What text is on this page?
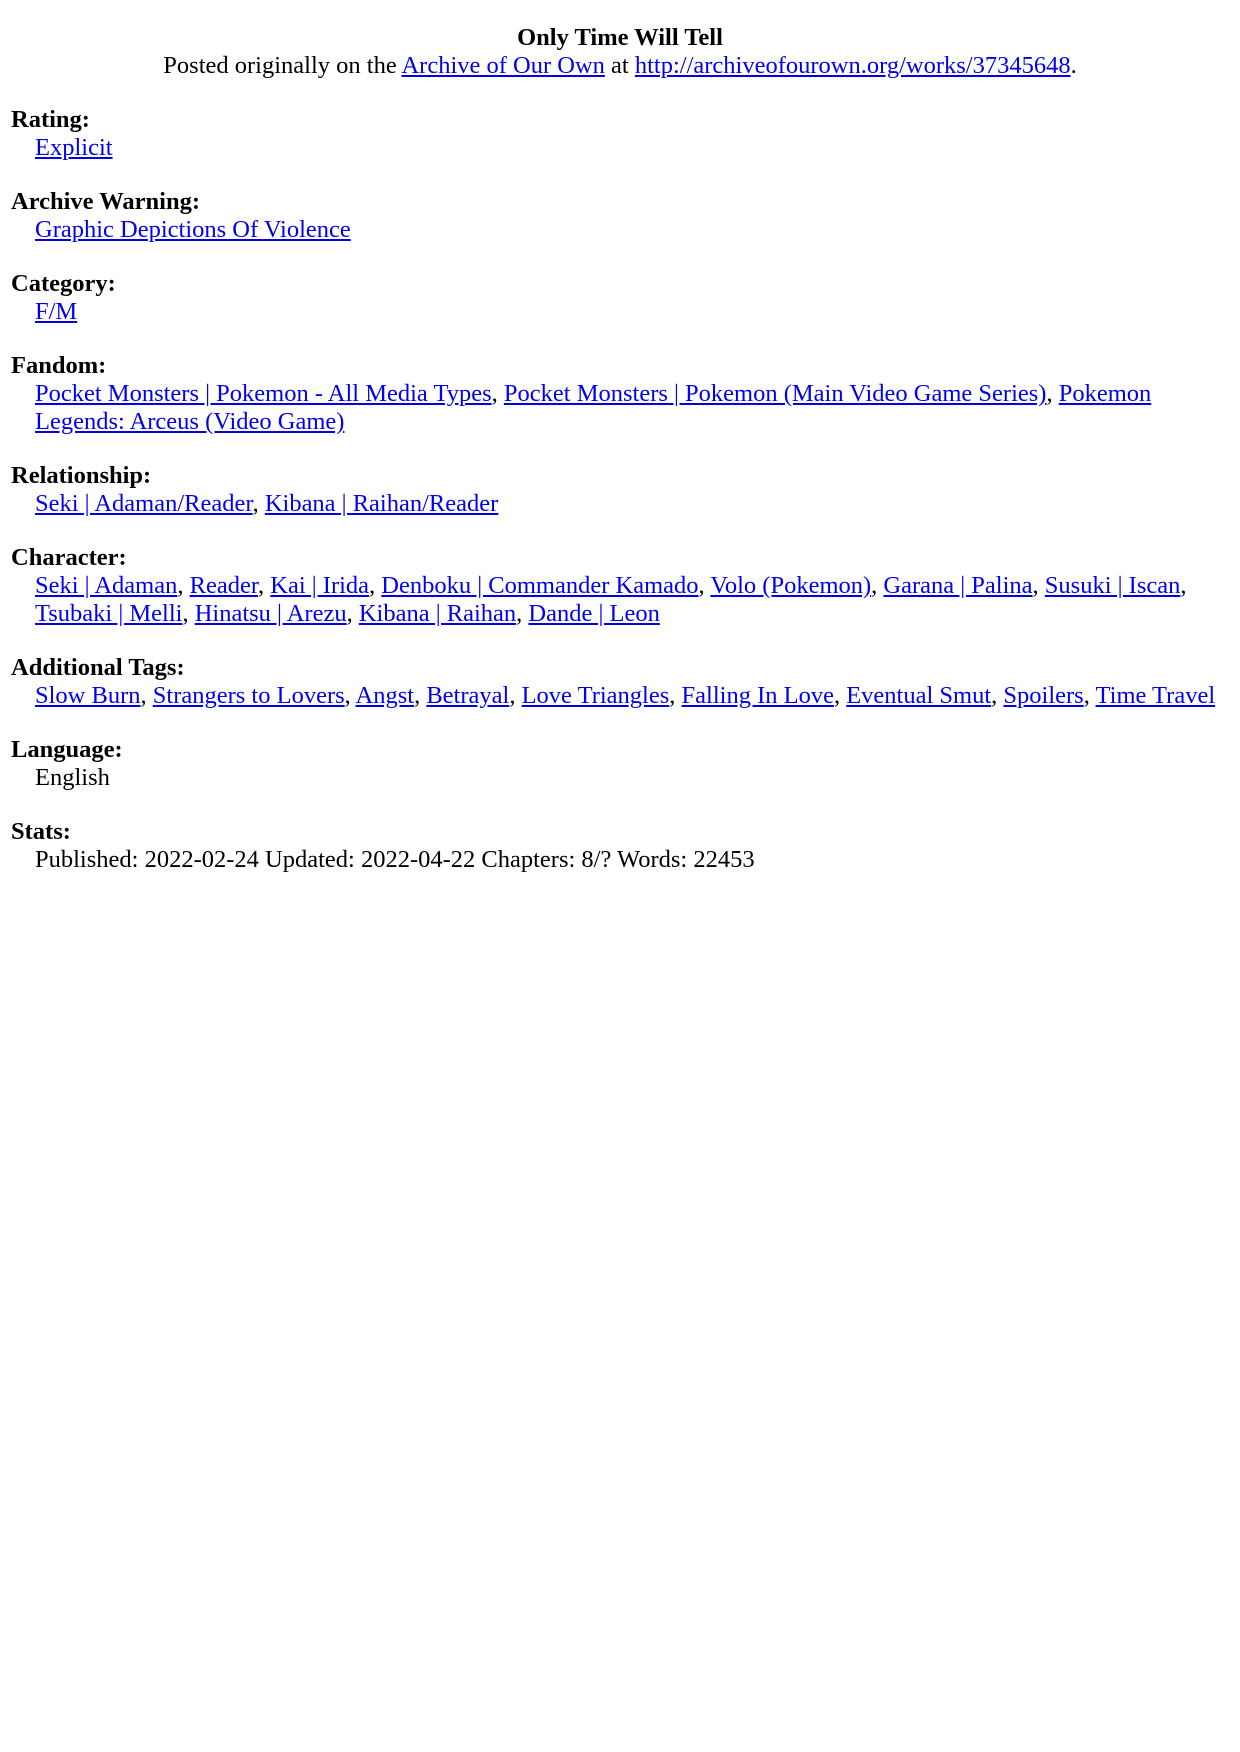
Only Time Will Tell

Posted originally on the Archive of Our Own at http://archiveofourown.org/works/37345648.

Rating:

Explicit

Archive Warning:

Graphic Depictions Of Violence

Category:

F/M

Fandom:

Pocket Monsters | Pokemon - All Media Types, Pocket Monsters | Pokemon (Main Video Game Series), Pokemon Legends: Arceus (Video Game)

Relationship:

Seki | Adaman/Reader, Kibana | Raihan/Reader

Character:

Seki | Adaman, Reader, Kai | Irida, Denboku | Commander Kamado, Volo (Pokemon), Garana | Palina, Susuki | Iscan, Tsubaki | Melli, Hinatsu | Arezu, Kibana | Raihan, Dande | Leon

Additional Tags:

Slow Burn, Strangers to Lovers, Angst, Betrayal, Love Triangles, Falling In Love, Eventual Smut, Spoilers, Time Travel

Language:

English

Stats:

Published: 2022-02-24 Updated: 2022-04-22 Chapters: 8/? Words: 22453
